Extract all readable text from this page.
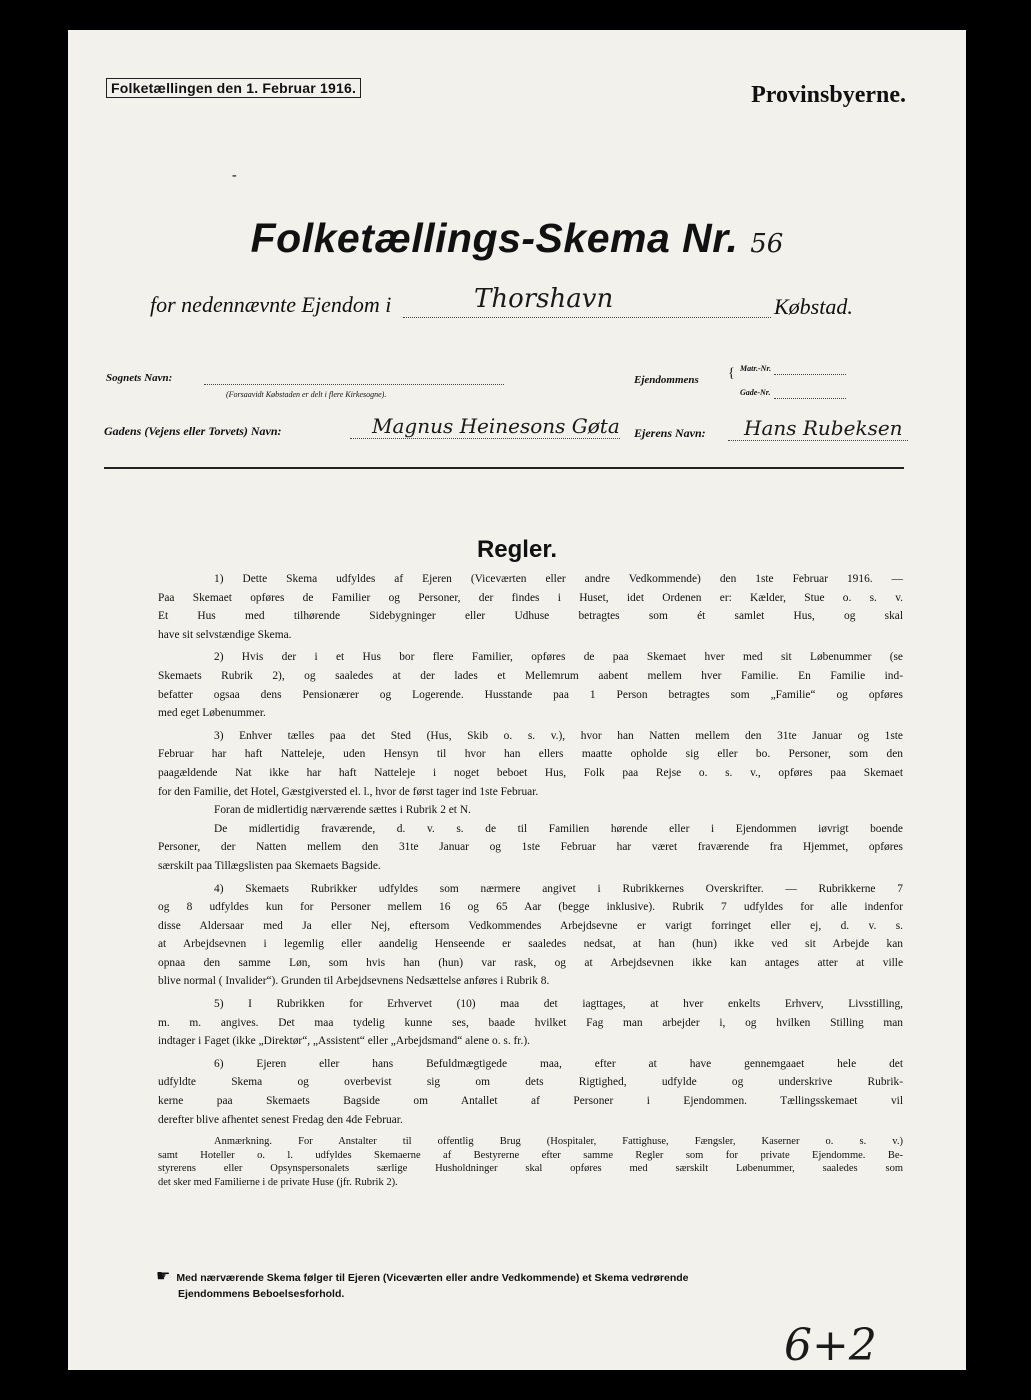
Folketællingen den 1. Februar 1916.	Provinsbyerne.
-
Folketællings-Skema Nr. 56
for nedennævnte Ejendom i	Thorshavn	Købstad.
Sognets Navn:
(Forsaavidt Købstaden er delt i flere Kirkesogne).
Ejendommens { Matr.-Nr.
Gade-Nr.
Gadens (Vejens eller Torvets) Navn:	Magnus Heinesons Gøta Ejerens Navn: Hans Rubeksen
Regler.

1) Dette Skema udfyldes af Ejeren (Viceværten eller andre Vedkommende) den 1ste Februar 1916. —

Paa Skemaet opføres de Familier og Personer, der findes i Huset, idet Ordenen er: Kælder, Stue o. s. v.

Et Hus med tilhørende Sidebygninger eller Udhuse betragtes som ét samlet Hus, og skal

have sit selvstændige Skema.

2) Hvis der i et Hus bor flere Familier, opføres de paa Skemaet hver med sit Løbenummer (se

Skemaets Rubrik 2), og saaledes at der lades et Mellemrum aabent mellem hver Familie. En Familie ind-

befatter ogsaa dens Pensionærer og Logerende. Husstande paa 1 Person betragtes som „Familie“ og opføres

med eget Løbenummer.

3) Enhver tælles paa det Sted (Hus, Skib o. s. v.), hvor han Natten mellem den 31te Januar og 1ste

Februar har haft Natteleje, uden Hensyn til hvor han ellers maatte opholde sig eller bo. Personer, som den

paagældende Nat ikke har haft Natteleje i noget beboet Hus, Folk paa Rejse o. s. v., opføres paa Skemaet

for den Familie, det Hotel, Gæstgiversted el. l., hvor de først tager ind 1ste Februar.

Foran de midlertidig nærværende sættes i Rubrik 2 et N.

De midlertidig fraværende, d. v. s. de til Familien hørende eller i Ejendommen iøvrigt boende

Personer, der Natten mellem den 31te Januar og 1ste Februar har været fraværende fra Hjemmet, opføres

særskilt paa Tillægslisten paa Skemaets Bagside.

4) Skemaets Rubrikker udfyldes som nærmere angivet i Rubrikkernes Overskrifter. — Rubrikkerne 7

og 8 udfyldes kun for Personer mellem 16 og 65 Aar (begge inklusive). Rubrik 7 udfyldes for alle indenfor

disse Aldersaar med Ja eller Nej, eftersom Vedkommendes Arbejdsevne er varigt forringet eller ej, d. v. s.

at Arbejdsevnen i legemlig eller aandelig Henseende er saaledes nedsat, at han (hun) ikke ved sit Arbejde kan

opnaa den samme Løn, som hvis han (hun) var rask, og at Arbejdsevnen ikke kan antages atter at ville

blive normal ( Invalider“). Grunden til Arbejdsevnens Nedsættelse anføres i Rubrik 8.

5) I Rubrikken for Erhvervet (10) maa det iagttages, at hver enkelts Erhverv, Livsstilling,

m. m. angives. Det maa tydelig kunne ses, baade hvilket Fag man arbejder i, og hvilken Stilling man

indtager i Faget (ikke „Direktør“, „Assistent“ eller „Arbejdsmand“ alene o. s. fr.).

6) Ejeren eller hans Befuldmægtigede maa, efter at have gennemgaaet hele det

udfyldte Skema og overbevist sig om dets Rigtighed, udfylde og underskrive Rubrik-

kerne paa Skemaets Bagside om Antallet af Personer i Ejendommen. Tællingsskemaet vil

derefter blive afhentet senest Fredag den 4de Februar.

Anmærkning. For Anstalter til offentlig Brug (Hospitaler, Fattighuse, Fængsler, Kaserner o. s. v.)

samt Hoteller o. l. udfyldes Skemaerne af Bestyrerne efter samme Regler som for private Ejendomme. Be-

styrerens eller Opsynspersonalets særlige Husholdninger skal opføres med særskilt Løbenummer, saaledes som

det sker med Familierne i de private Huse (jfr. Rubrik 2).

☛ Med nærværende Skema følger til Ejeren (Viceværten eller andre Vedkommende) et Skema vedrørende
Ejendommens Beboelsesforhold.
6+2
